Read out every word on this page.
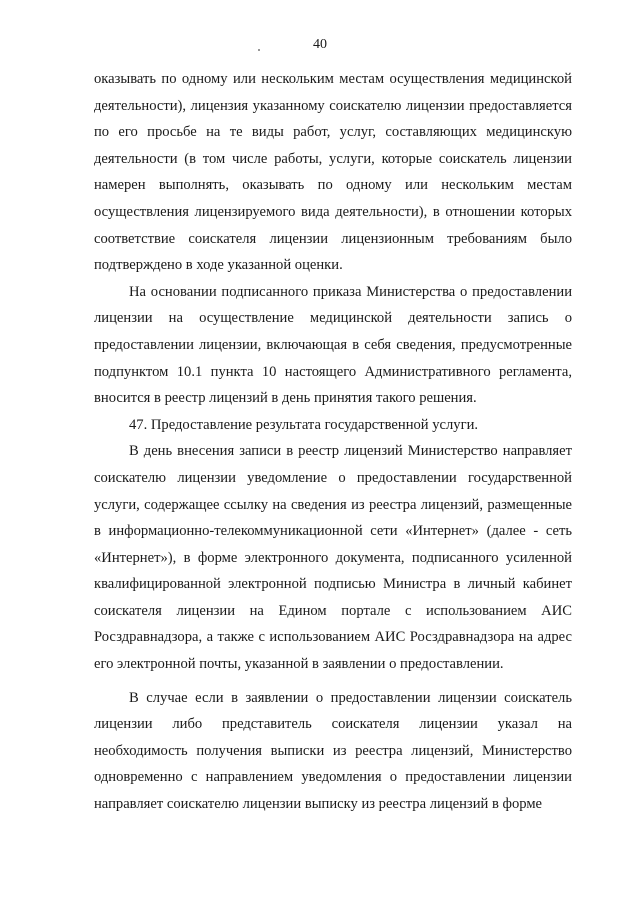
40

оказывать по одному или нескольким местам осуществления медицинской деятельности), лицензия указанному соискателю лицензии предоставляется по его просьбе на те виды работ, услуг, составляющих медицинскую деятельности (в том числе работы, услуги, которые соискатель лицензии намерен выполнять, оказывать по одному или нескольким местам осуществления лицензируемого вида деятельности), в отношении которых соответствие соискателя лицензии лицензионным требованиям было подтверждено в ходе указанной оценки.

На основании подписанного приказа Министерства о предоставлении лицензии на осуществление медицинской деятельности запись о предоставлении лицензии, включающая в себя сведения, предусмотренные подпунктом 10.1 пункта 10 настоящего Административного регламента, вносится в реестр лицензий в день принятия такого решения.

47. Предоставление результата государственной услуги.

В день внесения записи в реестр лицензий Министерство направляет соискателю лицензии уведомление о предоставлении государственной услуги, содержащее ссылку на сведения из реестра лицензий, размещенные в информационно-телекоммуникационной сети «Интернет» (далее - сеть «Интернет»), в форме электронного документа, подписанного усиленной квалифицированной электронной подписью Министра в личный кабинет соискателя лицензии на Едином портале с использованием АИС Росздравнадзора, а также с использованием АИС Росздравнадзора на адрес его электронной почты, указанной в заявлении о предоставлении.

В случае если в заявлении о предоставлении лицензии соискатель лицензии либо представитель соискателя лицензии указал на необходимость получения выписки из реестра лицензий, Министерство одновременно с направлением уведомления о предоставлении лицензии направляет соискателю лицензии выписку из реестра лицензий в форме
